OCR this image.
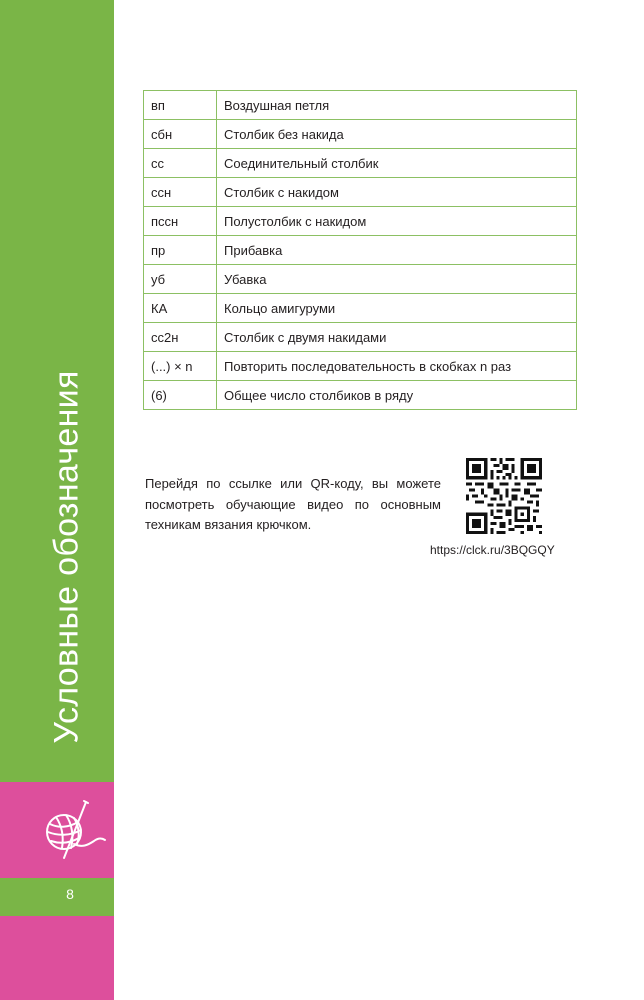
Условные обозначения
8
вп	Воздушная петля
сбн	Столбик без накида
сс	Соединительный столбик
ссн	Столбик с накидом
пссн	Полустолбик с накидом
пр	Прибавка
уб	Убавка
КА	Кольцо амигуруми
сс2н	Столбик с двумя накидами
(...) × n	Повторить последовательность в скобках n раз
(6)	Общее число столбиков в ряду

Перейдя по ссылке или QR-коду, вы можете посмотреть обучающие видео по основным техникам вязания крючком.

https://clck.ru/3BQGQY
